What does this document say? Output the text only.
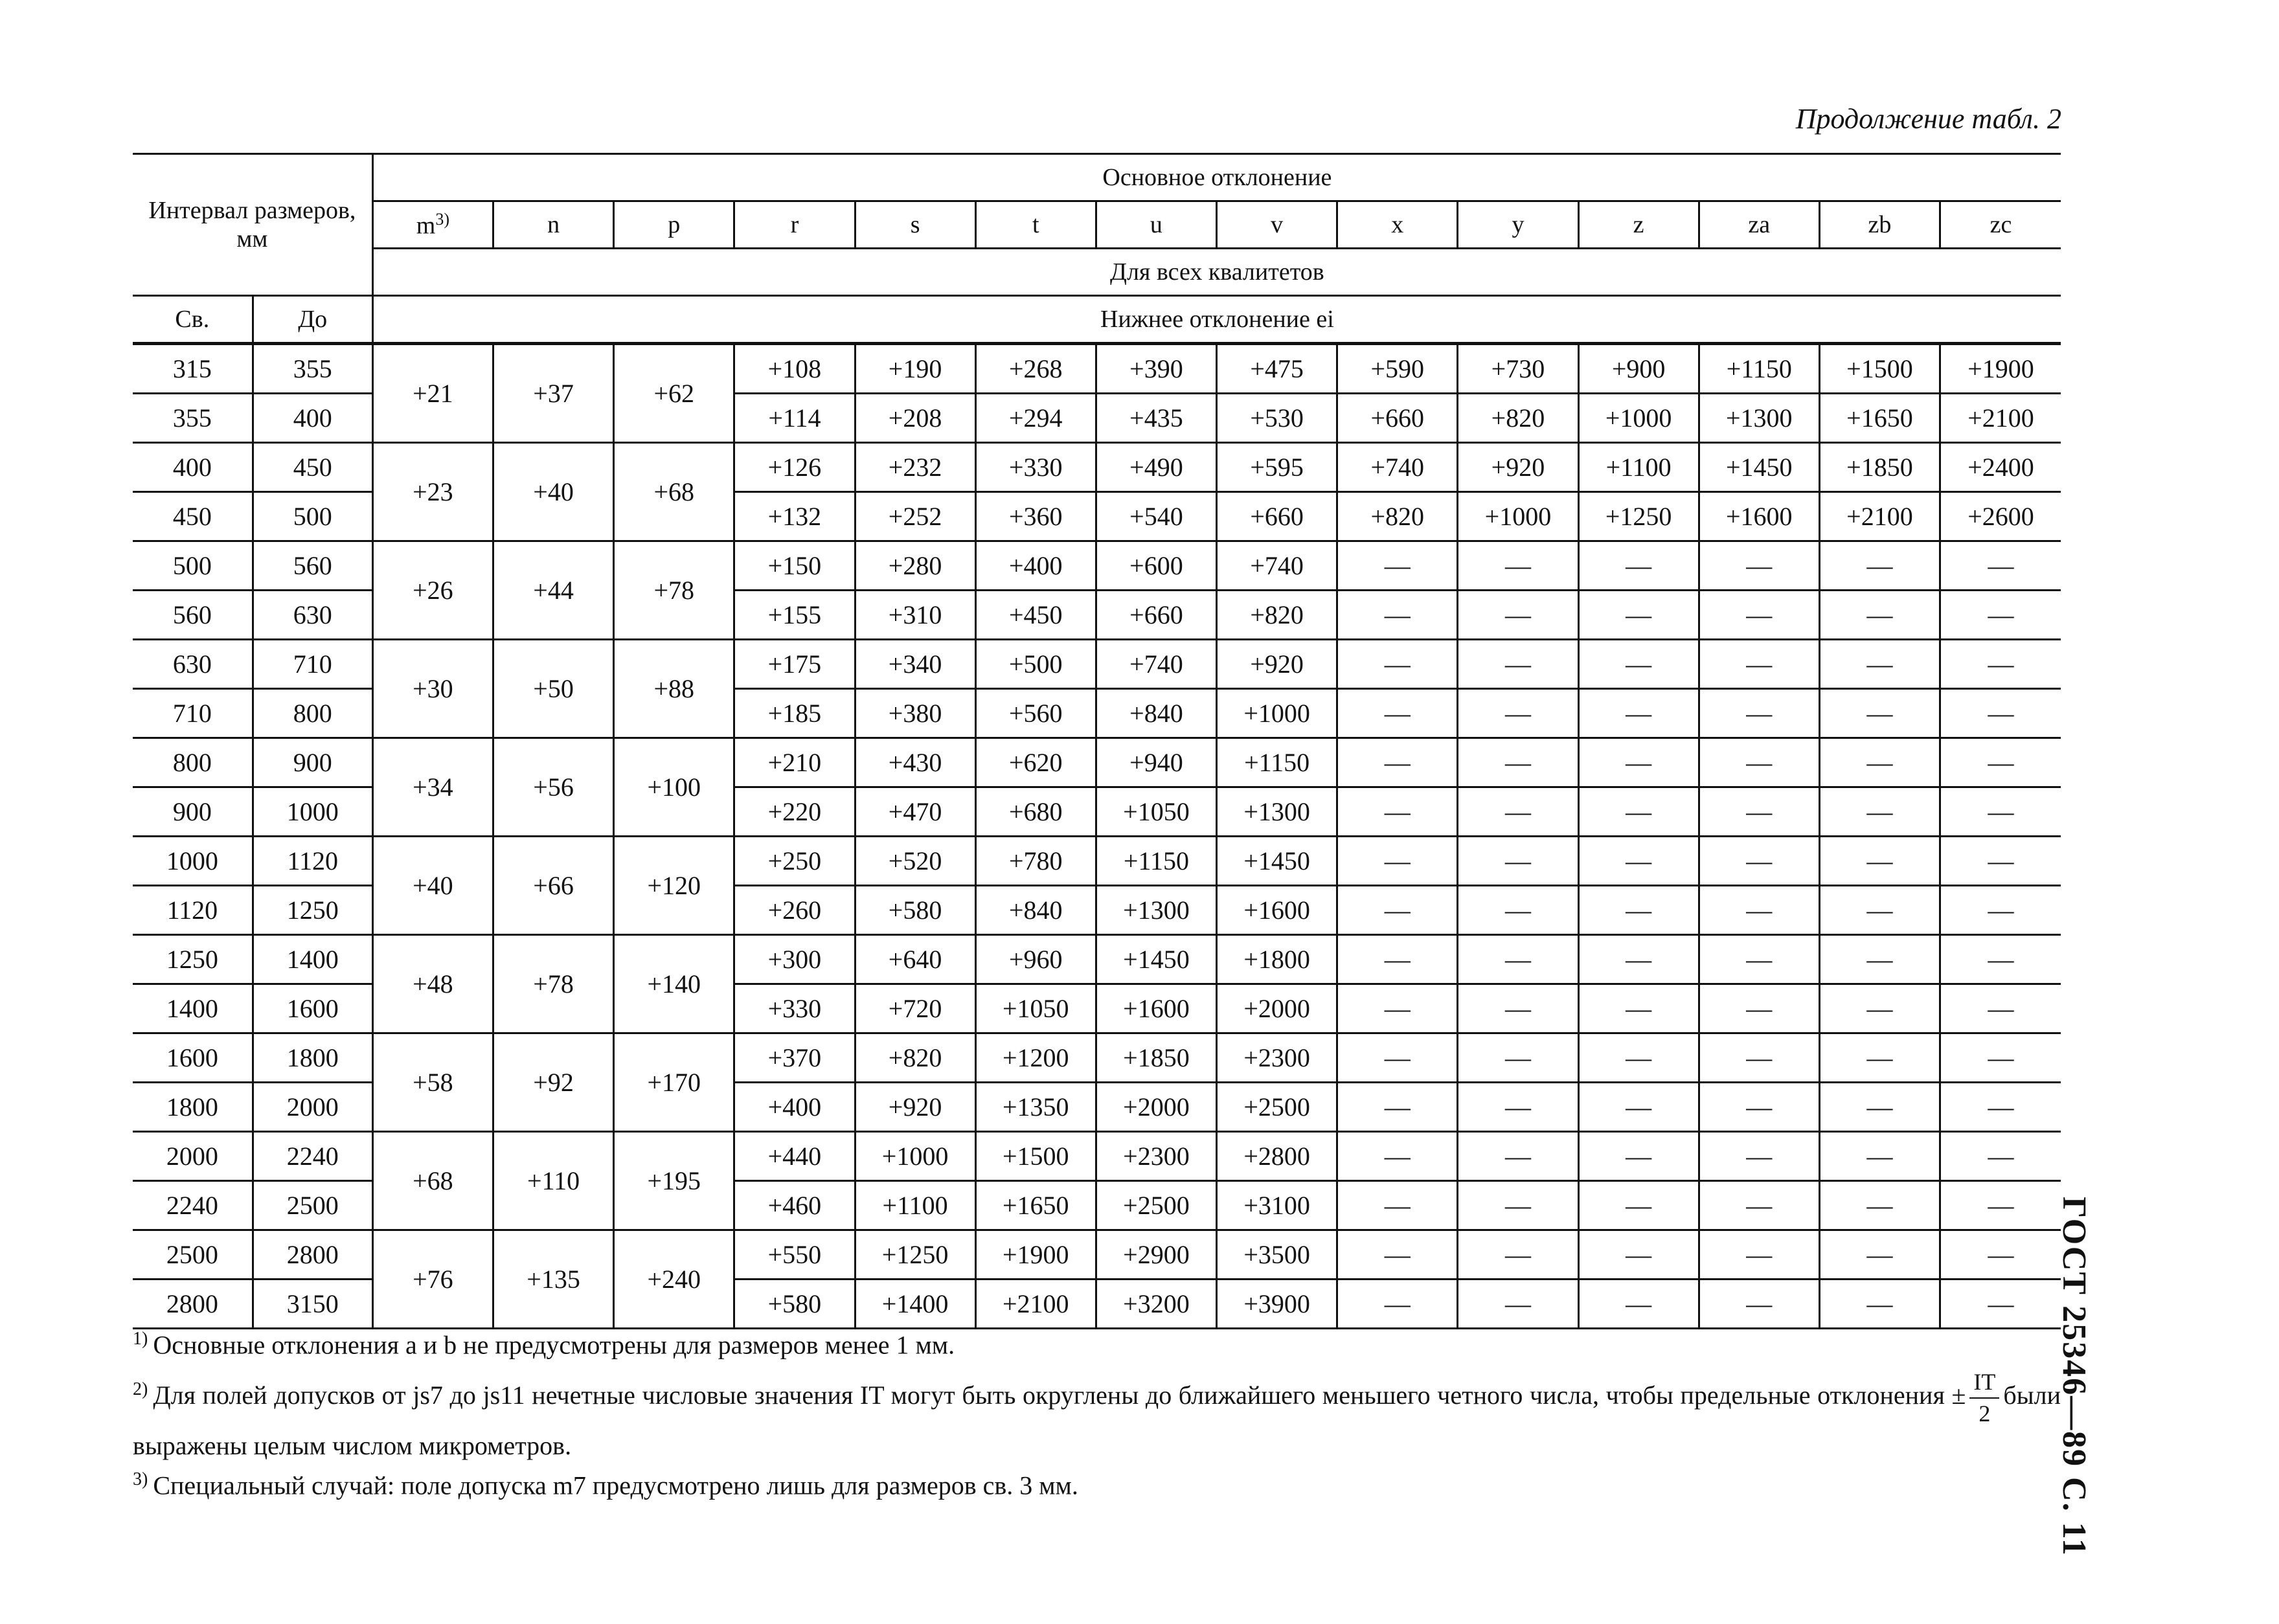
Продолжение табл. 2
Интервал размеров, мм		Основное отклонение													
		$m^{3)}$	n	p	r	s	t	u	v	x	y	z	za	zb	zc
		Для всех квалитетов													
Св.	До	Нижнее отклонение ei													
315	355	+21	+37	+62	+108	+190	+268	+390	+475	+590	+730	+900	+1150	+1500	+1900
355	400				+114	+208	+294	+435	+530	+660	+820	+1000	+1300	+1650	+2100
400	450	+23	+40	+68	+126	+232	+330	+490	+595	+740	+920	+1100	+1450	+1850	+2400
450	500				+132	+252	+360	+540	+660	+820	+1000	+1250	+1600	+2100	+2600
500	560	+26	+44	+78	+150	+280	+400	+600	+740	—	—	—	—	—	—
560	630				+155	+310	+450	+660	+820	—	—	—	—	—	—
630	710	+30	+50	+88	+175	+340	+500	+740	+920	—	—	—	—	—	—
710	800				+185	+380	+560	+840	+1000	—	—	—	—	—	—
800	900	+34	+56	+100	+210	+430	+620	+940	+1150	—	—	—	—	—	—
900	1000				+220	+470	+680	+1050	+1300	—	—	—	—	—	—
1000	1120	+40	+66	+120	+250	+520	+780	+1150	+1450	—	—	—	—	—	—
1120	1250				+260	+580	+840	+1300	+1600	—	—	—	—	—	—
1250	1400	+48	+78	+140	+300	+640	+960	+1450	+1800	—	—	—	—	—	—
1400	1600				+330	+720	+1050	+1600	+2000	—	—	—	—	—	—
1600	1800	+58	+92	+170	+370	+820	+1200	+1850	+2300	—	—	—	—	—	—
1800	2000				+400	+920	+1350	+2000	+2500	—	—	—	—	—	—
2000	2240	+68	+110	+195	+440	+1000	+1500	+2300	+2800	—	—	—	—	—	—
2240	2500				+460	+1100	+1650	+2500	+3100	—	—	—	—	—	—
2500	2800	+76	+135	+240	+550	+1250	+1900	+2900	+3500	—	—	—	—	—	—
2800	3150				+580	+1400	+2100	+3200	+3900	—	—	—	—	—	—
$^{1)}$ Основные отклонения a и b не предусмотрены для размеров менее 1 мм.
$^{2)}$ Для полей допусков от js7 до js11 нечетные числовые значения IT могут быть округлены до ближайшего меньшего четного числа, чтобы предельные отклонения ± $\frac{IT}{2}$ были выражены целым числом микрометров.
$^{3)}$ Специальный случай: поле допуска m7 предусмотрено лишь для размеров св. 3 мм.	ГОСТ 25346—89 С. 11
